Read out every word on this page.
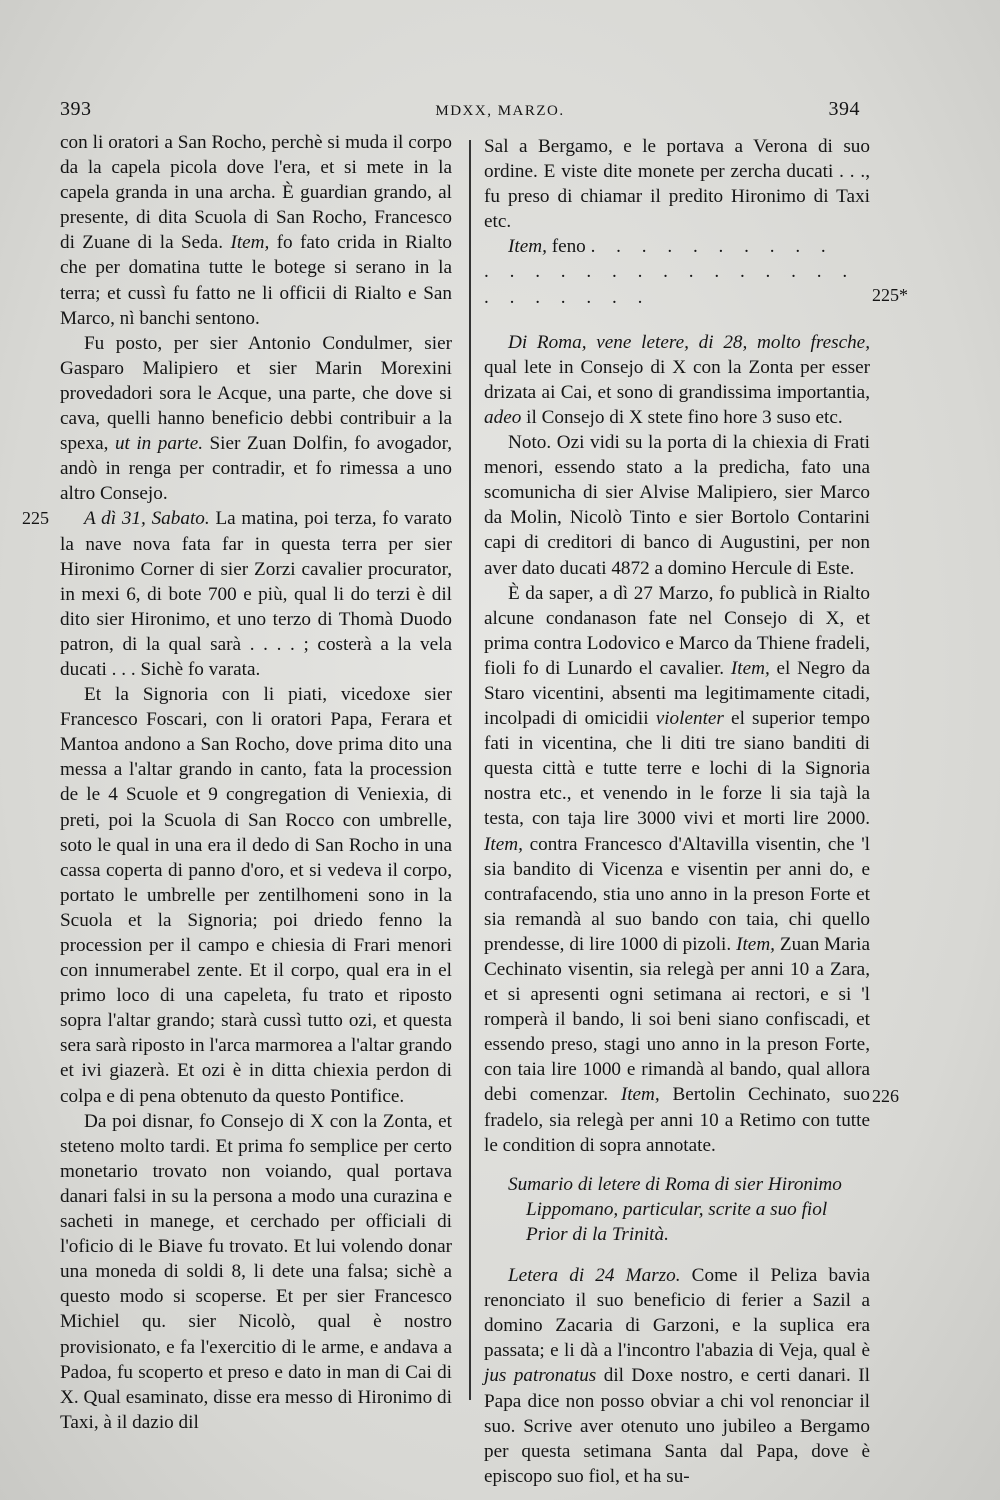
393	MDXX, MARZO.	394
225
225*
226

con li oratori a San Rocho, perchè si muda il corpo da la capela picola dove l'era, et si mete in la capela granda in una archa. È guardian grando, al presente, di dita Scuola di San Rocho, Francesco di Zuane di la Seda. Item, fo fato crida in Rialto che per domatina tutte le botege si serano in la terra; et cussì fu fatto ne li officii di Rialto e San Marco, nì banchi sentono.

Fu posto, per sier Antonio Condulmer, sier Gasparo Malipiero et sier Marin Morexini provedadori sora le Acque, una parte, che dove si cava, quelli hanno beneficio debbi contribuir a la spexa, ut in parte. Sier Zuan Dolfin, fo avogador, andò in renga per contradir, et fo rimessa a uno altro Consejo.

A dì 31, Sabato. La matina, poi terza, fo varato la nave nova fata far in questa terra per sier Hironimo Corner di sier Zorzi cavalier procurator, in mexi 6, di bote 700 e più, qual li do terzi è dil dito sier Hironimo, et uno terzo di Thomà Duodo patron, di la qual sarà . . . . ; costerà a la vela ducati . . . Sichè fo varata.

Et la Signoria con li piati, vicedoxe sier Francesco Foscari, con li oratori Papa, Ferara et Mantoa andono a San Rocho, dove prima dito una messa a l'altar grando in canto, fata la procession de le 4 Scuole et 9 congregation di Veniexia, di preti, poi la Scuola di San Rocco con umbrelle, soto le qual in una era il dedo di San Rocho in una cassa coperta di panno d'oro, et si vedeva il corpo, portato le umbrelle per zentilhomeni sono in la Scuola et la Signoria; poi driedo fenno la procession per il campo e chiesia di Frari menori con innumerabel zente. Et il corpo, qual era in el primo loco di una capeleta, fu trato et riposto sopra l'altar grando; starà cussì tutto ozi, et questa sera sarà riposto in l'arca marmorea a l'altar grando et ivi giazerà. Et ozi è in ditta chiexia perdon di colpa e di pena obtenuto da questo Pontifice.

Da poi disnar, fo Consejo di X con la Zonta, et steteno molto tardi. Et prima fo semplice per certo monetario trovato non voiando, qual portava danari falsi in su la persona a modo una curazina e sacheti in manege, et cerchado per officiali di l'oficio di le Biave fu trovato. Et lui volendo donar una moneda di soldi 8, li dete una falsa; sichè a questo modo si scoperse. Et per sier Francesco Michiel qu. sier Nicolò, qual è nostro provisionato, e fa l'exercitio di le arme, e andava a Padoa, fu scoperto et preso e dato in man di Cai di X. Qual esaminato, disse era messo di Hironimo di Taxi, à il dazio dil

Sal a Bergamo, e le portava a Verona di suo ordine. E viste dite monete per zercha ducati . . ., fu preso di chiamar il predito Hironimo di Taxi etc.

Item, feno . . . . . . . . . .

. . . . . . . . . . . . . . .

. . . . . . .

Di Roma, vene letere, di 28, molto fresche, qual lete in Consejo di X con la Zonta per esser drizata ai Cai, et sono di grandissima importantia, adeo il Consejo di X stete fino hore 3 suso etc.

Noto. Ozi vidi su la porta di la chiexia di Frati menori, essendo stato a la predicha, fato una scomunicha di sier Alvise Malipiero, sier Marco da Molin, Nicolò Tinto e sier Bortolo Contarini capi di creditori di banco di Augustini, per non aver dato ducati 4872 a domino Hercule di Este.

È da saper, a dì 27 Marzo, fo publicà in Rialto alcune condanason fate nel Consejo di X, et prima contra Lodovico e Marco da Thiene fradeli, fioli fo di Lunardo el cavalier. Item, el Negro da Staro vicentini, absenti ma legitimamente citadi, incolpadi di omicidii violenter el superior tempo fati in vicentina, che li diti tre siano banditi di questa città e tutte terre e lochi di la Signoria nostra etc., et venendo in le forze li sia tajà la testa, con taja lire 3000 vivi et morti lire 2000. Item, contra Francesco d'Altavilla visentin, che 'l sia bandito di Vicenza e visentin per anni do, e contrafacendo, stia uno anno in la preson Forte et sia remandà al suo bando con taia, chi quello prendesse, di lire 1000 di pizoli. Item, Zuan Maria Cechinato visentin, sia relegà per anni 10 a Zara, et si apresenti ogni setimana ai rectori, e si 'l romperà il bando, li soi beni siano confiscadi, et essendo preso, stagi uno anno in la preson Forte, con taia lire 1000 e rimandà al bando, qual allora debi comenzar. Item, Bertolin Cechinato, suo fradelo, sia relegà per anni 10 a Retimo con tutte le condition di sopra annotate.

Sumario di letere di Roma di sier Hironimo
Lippomano, particular, scrite a suo fiol
Prior di la Trinità.

Letera di 24 Marzo. Come il Peliza bavia renonciato il suo beneficio di ferier a Sazil a domino Zacaria di Garzoni, e la suplica era passata; e li dà a l'incontro l'abazia di Veja, qual è jus patronatus dil Doxe nostro, e certi danari. Il Papa dice non posso obviar a chi vol renonciar il suo. Scrive aver otenuto uno jubileo a Bergamo per questa setimana Santa dal Papa, dove è episcopo suo fiol, et ha su-
